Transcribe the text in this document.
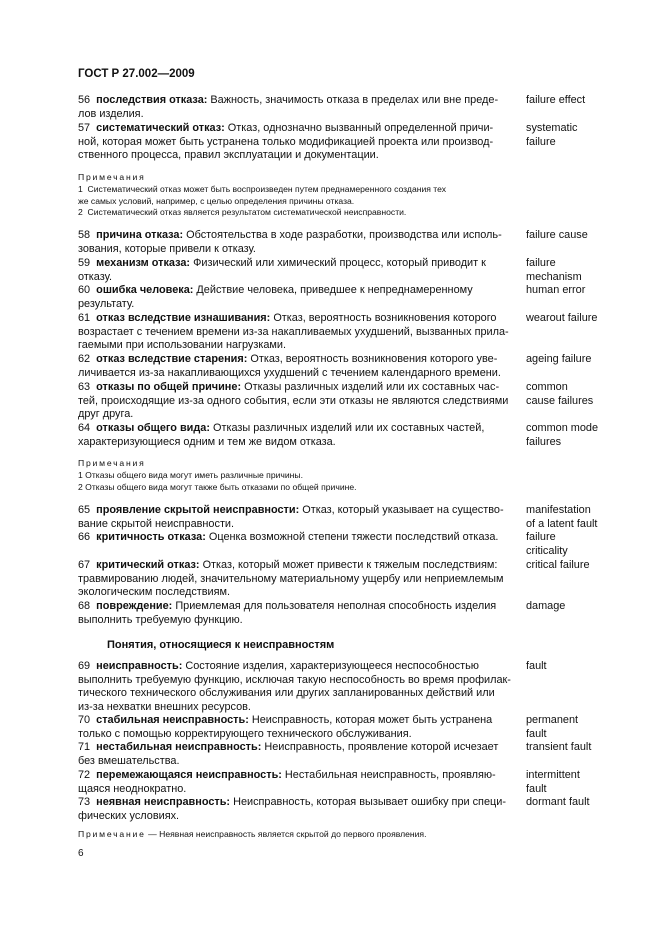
ГОСТ Р 27.002—2009
56  последствия отказа: Важность, значимость отказа в пределах или вне преде-
лов изделия.
failure effect
57  систематический отказ: Отказ, однозначно вызванный определенной причи-
ной, которая может быть устранена только модификацией проекта или производ-
ственного процесса, правил эксплуатации и документации.
systematic
failure
Примечания
1  Систематический отказ может быть воспроизведен путем преднамеренного создания тех
же самых условий, например, с целью определения причины отказа.
2  Систематический отказ является результатом систематической неисправности.
58  причина отказа: Обстоятельства в ходе разработки, производства или исполь-
зования, которые привели к отказу.
failure cause
59  механизм отказа: Физический или химический процесс, который приводит к
отказу.
failure
mechanism
60  ошибка человека: Действие человека, приведшее к непреднамеренному
результату.
human error
61  отказ вследствие изнашивания: Отказ, вероятность возникновения которого
возрастает с течением времени из-за накапливаемых ухудшений, вызванных прила-
гаемыми при использовании нагрузками.
wearout failure
62  отказ вследствие старения: Отказ, вероятность возникновения которого уве-
личивается из-за накапливающихся ухудшений с течением календарного времени.
ageing failure
63  отказы по общей причине: Отказы различных изделий или их составных час-
тей, происходящие из-за одного события, если эти отказы не являются следствиями
друг друга.
common
cause failures
64  отказы общего вида: Отказы различных изделий или их составных частей,
характеризующиеся одним и тем же видом отказа.
common mode
failures
Примечания
1 Отказы общего вида могут иметь различные причины.
2 Отказы общего вида могут также быть отказами по общей причине.
65  проявление скрытой неисправности: Отказ, который указывает на существо-
вание скрытой неисправности.
manifestation
of a latent fault
66  критичность отказа: Оценка возможной степени тяжести последствий отказа.	failure
criticality
67  критический отказ: Отказ, который может привести к тяжелым последствиям:
травмированию людей, значительному материальному ущербу или неприемлемым
экологическим последствиям.
critical failure
68  повреждение: Приемлемая для пользователя неполная способность изделия
выполнить требуемую функцию.
damage
Понятия, относящиеся к неисправностям
69  неисправность: Состояние изделия, характеризующееся неспособностью
выполнить требуемую функцию, исключая такую неспособность во время профилак-
тического технического обслуживания или других запланированных действий или
из-за нехватки внешних ресурсов.
fault
70  стабильная неисправность: Неисправность, которая может быть устранена
только с помощью корректирующего технического обслуживания.
permanent
fault
71  нестабильная неисправность: Неисправность, проявление которой исчезает
без вмешательства.
transient fault
72  перемежающаяся неисправность: Нестабильная неисправность, проявляю-
щаяся неоднократно.
intermittent
fault
73  неявная неисправность: Неисправность, которая вызывает ошибку при специ-
фических условиях.
dormant fault
Примечание — Неявная неисправность является скрытой до первого проявления.
6
